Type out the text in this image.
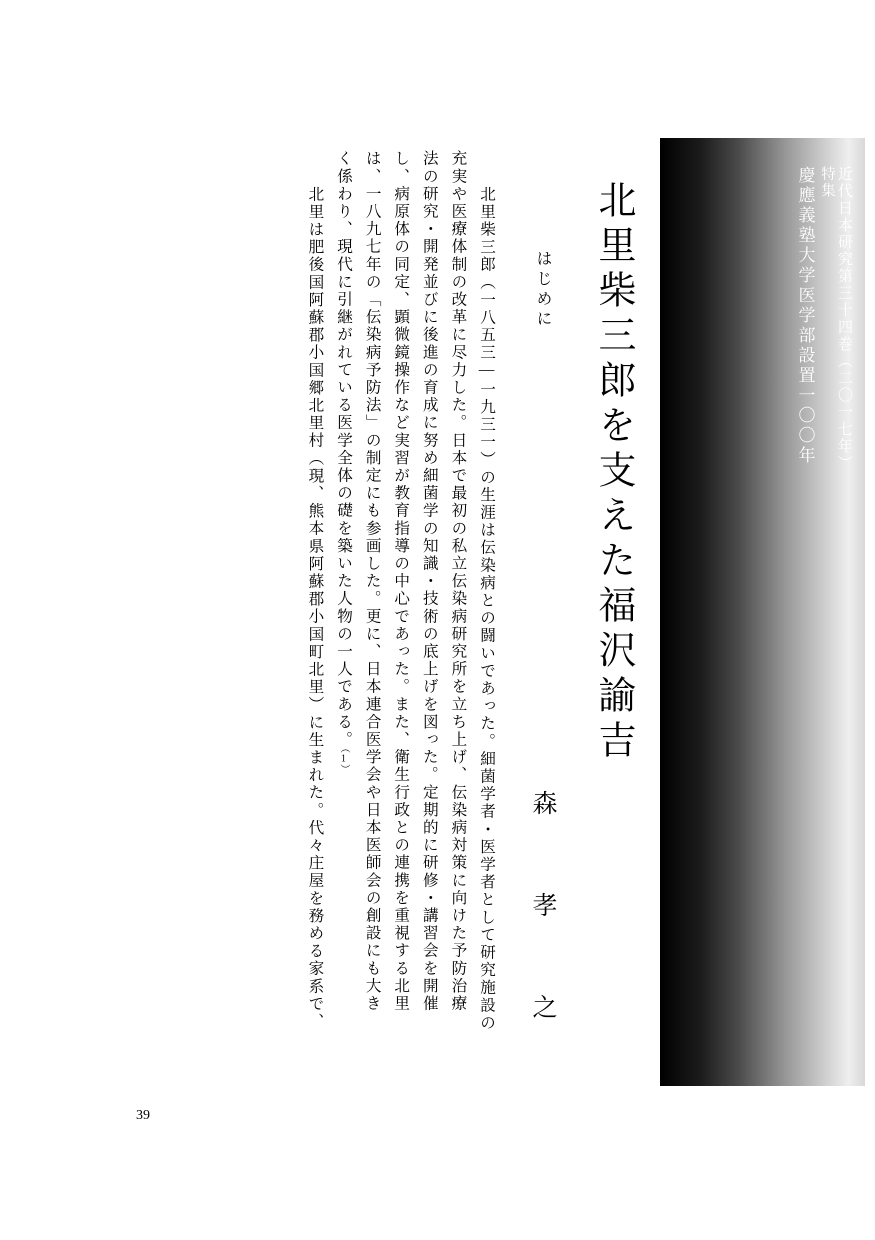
近代日本研究第三十四巻（二〇一七年）
特集
慶應義塾大学医学部設置一〇〇年
北里柴三郎を支えた福沢諭吉
森　孝　之
はじめに
　北里柴三郎（一八五三―一九三一）の生涯は伝染病との闘いであった。細菌学者・医学者として研究施設の
充実や医療体制の改革に尽力した。日本で最初の私立伝染病研究所を立ち上げ、伝染病対策に向けた予防治療
法の研究・開発並びに後進の育成に努め細菌学の知識・技術の底上げを図った。定期的に研修・講習会を開催
し、病原体の同定、顕微鏡操作など実習が教育指導の中心であった。また、衛生行政との連携を重視する北里
は、一八九七年の「伝染病予防法」の制定にも参画した。更に、日本連合医学会や日本医師会の創設にも大き
く係わり、現代に引継がれている医学全体の礎を築いた人物の一人である。（1）
　北里は肥後国阿蘇郡小国郷北里村（現、熊本県阿蘇郡小国町北里）に生まれた。代々庄屋を務める家系で、
39
